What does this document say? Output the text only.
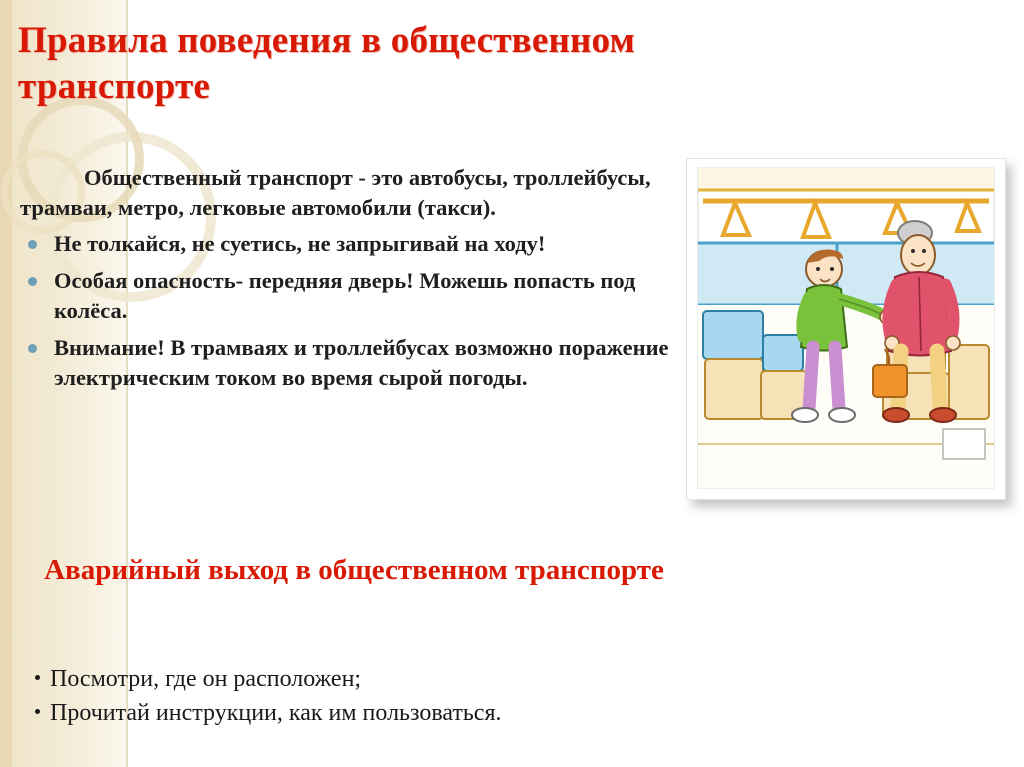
Правила поведения в общественном транспорте

Общественный транспорт - это автобусы, троллейбусы, трамваи, метро, легковые автомобили (такси).

Не толкайся, не суетись, не запрыгивай на ходу!
Особая опасность- передняя дверь! Можешь попасть под колёса.
Внимание! В трамваях и троллейбусах возможно поражение электрическим током во время сырой погоды.
Аварийный выход в общественном транспорте
Посмотри, где он расположен;
Прочитай инструкции, как им пользоваться.
